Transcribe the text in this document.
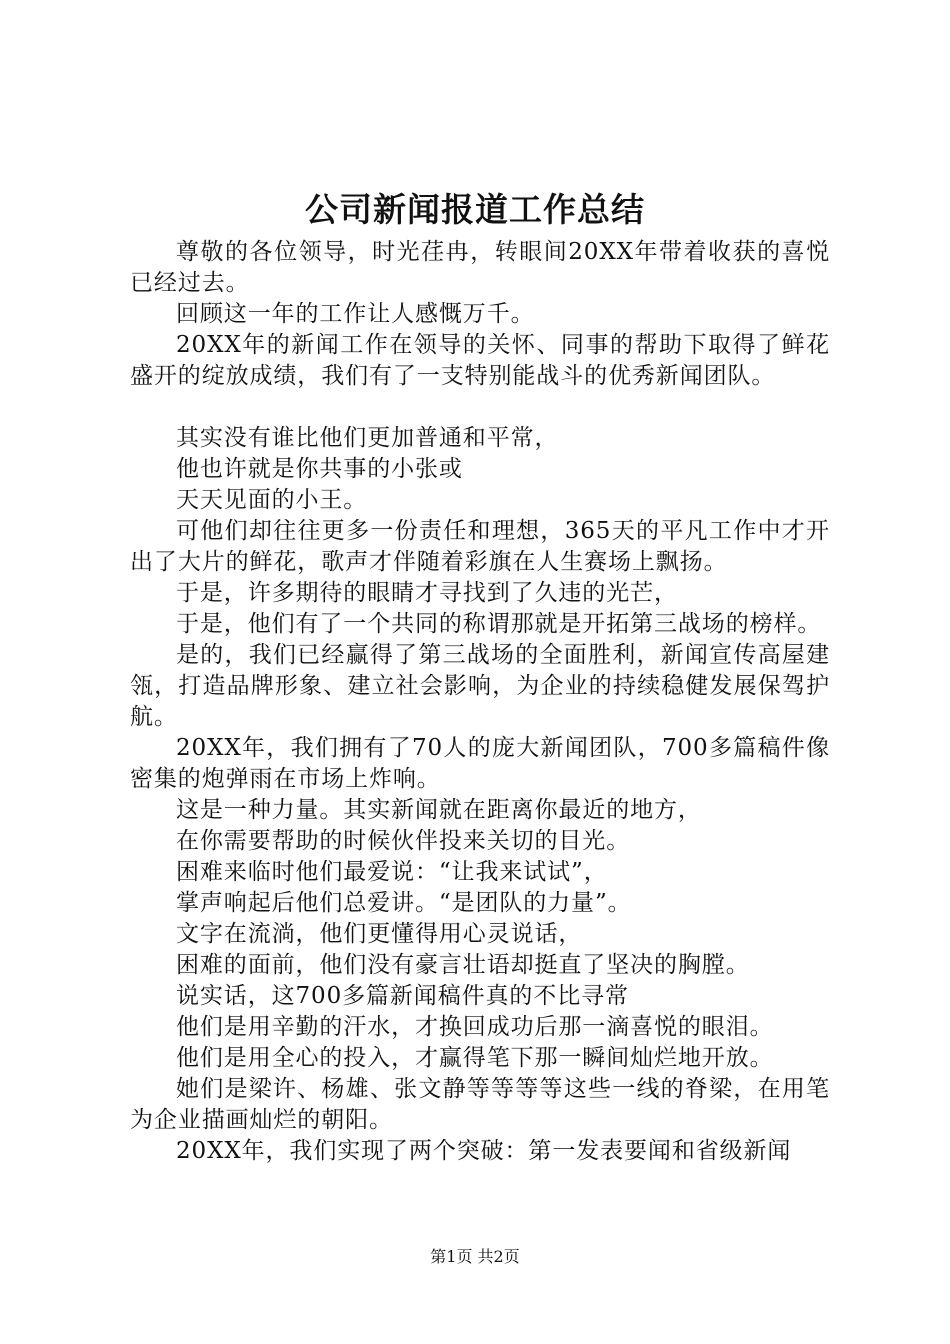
公司新闻报道工作总结

尊敬的各位领导，时光荏冉，转眼间20XX年带着收获的喜悦已经过去。

回顾这一年的工作让人感慨万千。

20XX年的新闻工作在领导的关怀、同事的帮助下取得了鲜花盛开的绽放成绩，我们有了一支特别能战斗的优秀新闻团队。

其实没有谁比他们更加普通和平常，

他也许就是你共事的小张或

天天见面的小王。

可他们却往往更多一份责任和理想，365天的平凡工作中才开出了大片的鲜花，歌声才伴随着彩旗在人生赛场上飘扬。

于是，许多期待的眼睛才寻找到了久违的光芒，

于是，他们有了一个共同的称谓那就是开拓第三战场的榜样。

是的，我们已经赢得了第三战场的全面胜利，新闻宣传高屋建瓴，打造品牌形象、建立社会影响，为企业的持续稳健发展保驾护航。

20XX年，我们拥有了70人的庞大新闻团队，700多篇稿件像密集的炮弹雨在市场上炸响。

这是一种力量。其实新闻就在距离你最近的地方，

在你需要帮助的时候伙伴投来关切的目光。

困难来临时他们最爱说：“让我来试试”，

掌声响起后他们总爱讲。“是团队的力量”。

文字在流淌，他们更懂得用心灵说话，

困难的面前，他们没有豪言壮语却挺直了坚决的胸膛。

说实话，这700多篇新闻稿件真的不比寻常

他们是用辛勤的汗水，才换回成功后那一滴喜悦的眼泪。

他们是用全心的投入，才赢得笔下那一瞬间灿烂地开放。

她们是梁许、杨雄、张文静等等等等这些一线的脊梁，在用笔为企业描画灿烂的朝阳。

20XX年，我们实现了两个突破：第一发表要闻和省级新闻

第1页 共2页
